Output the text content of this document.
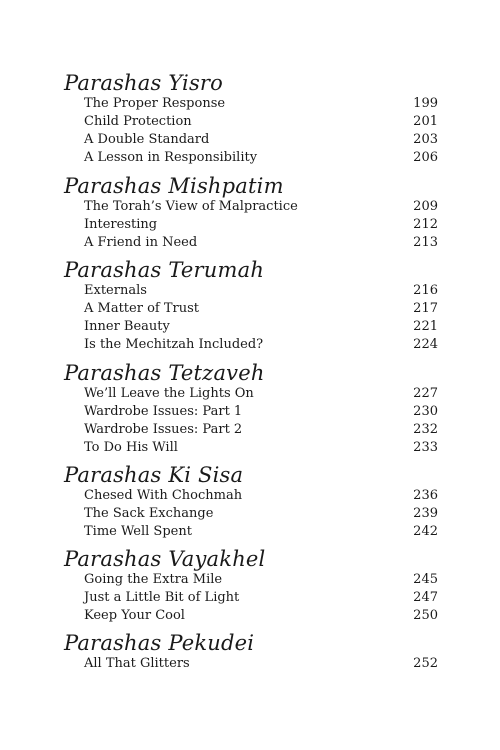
Parashas Yisro
The Proper Response	199
Child Protection	201
A Double Standard	203
A Lesson in Responsibility	206
Parashas Mishpatim
The Torah’s View of Malpractice	209
Interesting	212
A Friend in Need	213
Parashas Terumah
Externals	216
A Matter of Trust	217
Inner Beauty	221
Is the Mechitzah Included?	224
Parashas Tetzaveh
We’ll Leave the Lights On	227
Wardrobe Issues: Part 1	230
Wardrobe Issues: Part 2	232
To Do His Will	233
Parashas Ki Sisa
Chesed With Chochmah	236
The Sack Exchange	239
Time Well Spent	242
Parashas Vayakhel
Going the Extra Mile	245
Just a Little Bit of Light	247
Keep Your Cool	250
Parashas Pekudei
All That Glitters	252
